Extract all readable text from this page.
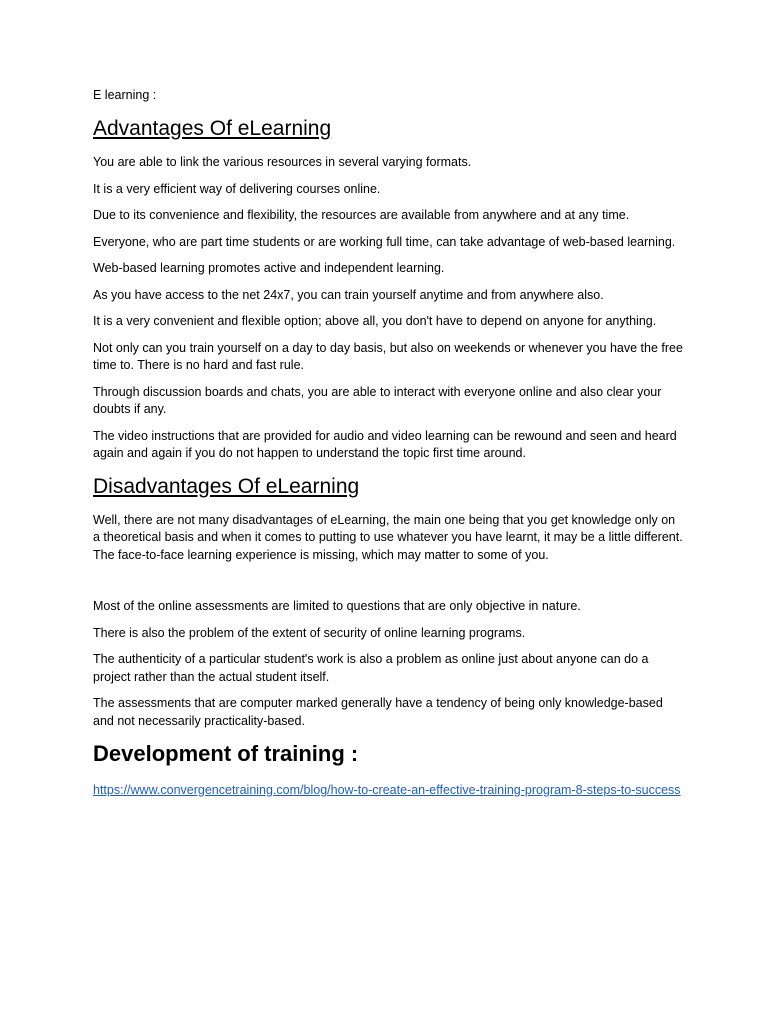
E learning :

Advantages Of eLearning

You are able to link the various resources in several varying formats.

It is a very efficient way of delivering courses online.

Due to its convenience and flexibility, the resources are available from anywhere and at any time.

Everyone, who are part time students or are working full time, can take advantage of web-based learning.

Web-based learning promotes active and independent learning.

As you have access to the net 24x7, you can train yourself anytime and from anywhere also.

It is a very convenient and flexible option; above all, you don't have to depend on anyone for anything.

Not only can you train yourself on a day to day basis, but also on weekends or whenever you have the free time to. There is no hard and fast rule.

Through discussion boards and chats, you are able to interact with everyone online and also clear your doubts if any.

The video instructions that are provided for audio and video learning can be rewound and seen and heard again and again if you do not happen to understand the topic first time around.

Disadvantages Of eLearning

Well, there are not many disadvantages of eLearning, the main one being that you get knowledge only on a theoretical basis and when it comes to putting to use whatever you have learnt, it may be a little different. The face-to-face learning experience is missing, which may matter to some of you.

Most of the online assessments are limited to questions that are only objective in nature.

There is also the problem of the extent of security of online learning programs.

The authenticity of a particular student's work is also a problem as online just about anyone can do a project rather than the actual student itself.

The assessments that are computer marked generally have a tendency of being only knowledge-based and not necessarily practicality-based.

Development of training :
https://www.convergencetraining.com/blog/how-to-create-an-effective-training-program-8-steps-to-success
